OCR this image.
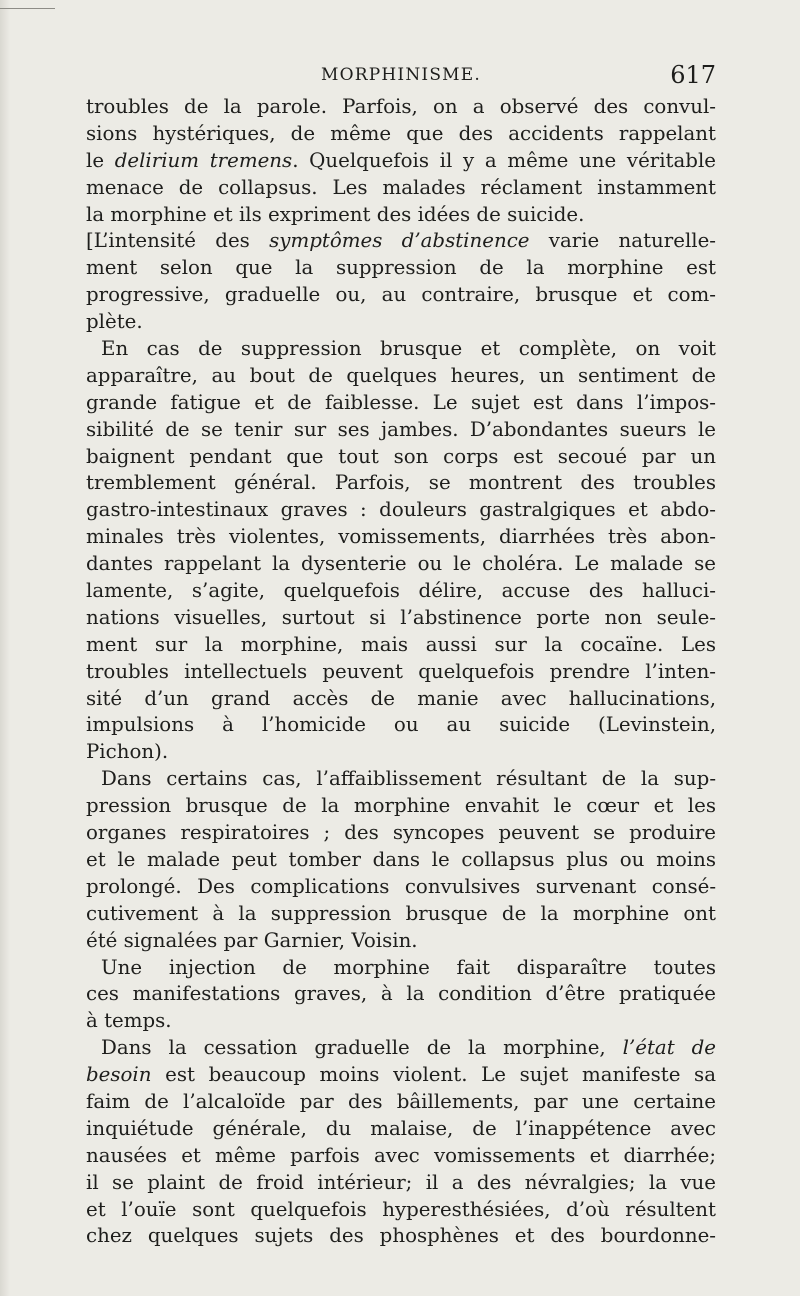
MORPHINISME.	617
troubles de la parole. Parfois, on a observé des convul-
sions hystériques, de même que des accidents rappelant
le delirium tremens. Quelquefois il y a même une véritable
menace de collapsus. Les malades réclament instamment
la morphine et ils expriment des idées de suicide.
[L’intensité des symptômes d’abstinence varie naturelle-
ment selon que la suppression de la morphine est
progressive, graduelle ou, au contraire, brusque et com-
plète.
En cas de suppression brusque et complète, on voit
apparaître, au bout de quelques heures, un sentiment de
grande fatigue et de faiblesse. Le sujet est dans l’impos-
sibilité de se tenir sur ses jambes. D’abondantes sueurs le
baignent pendant que tout son corps est secoué par un
tremblement général. Parfois, se montrent des troubles
gastro-intestinaux graves : douleurs gastralgiques et abdo-
minales très violentes, vomissements, diarrhées très abon-
dantes rappelant la dysenterie ou le choléra. Le malade se
lamente, s’agite, quelquefois délire, accuse des halluci-
nations visuelles, surtout si l’abstinence porte non seule-
ment sur la morphine, mais aussi sur la cocaïne. Les
troubles intellectuels peuvent quelquefois prendre l’inten-
sité d’un grand accès de manie avec hallucinations,
impulsions à l’homicide ou au suicide (Levinstein,
Pichon).
Dans certains cas, l’affaiblissement résultant de la sup-
pression brusque de la morphine envahit le cœur et les
organes respiratoires ; des syncopes peuvent se produire
et le malade peut tomber dans le collapsus plus ou moins
prolongé. Des complications convulsives survenant consé-
cutivement à la suppression brusque de la morphine ont
été signalées par Garnier, Voisin.
Une injection de morphine fait disparaître toutes
ces manifestations graves, à la condition d’être pratiquée
à temps.
Dans la cessation graduelle de la morphine, l’état de
besoin est beaucoup moins violent. Le sujet manifeste sa
faim de l’alcaloïde par des bâillements, par une certaine
inquiétude générale, du malaise, de l’inappétence avec
nausées et même parfois avec vomissements et diarrhée;
il se plaint de froid intérieur; il a des névralgies; la vue
et l’ouïe sont quelquefois hyperesthésiées, d’où résultent
chez quelques sujets des phosphènes et des bourdonne-
